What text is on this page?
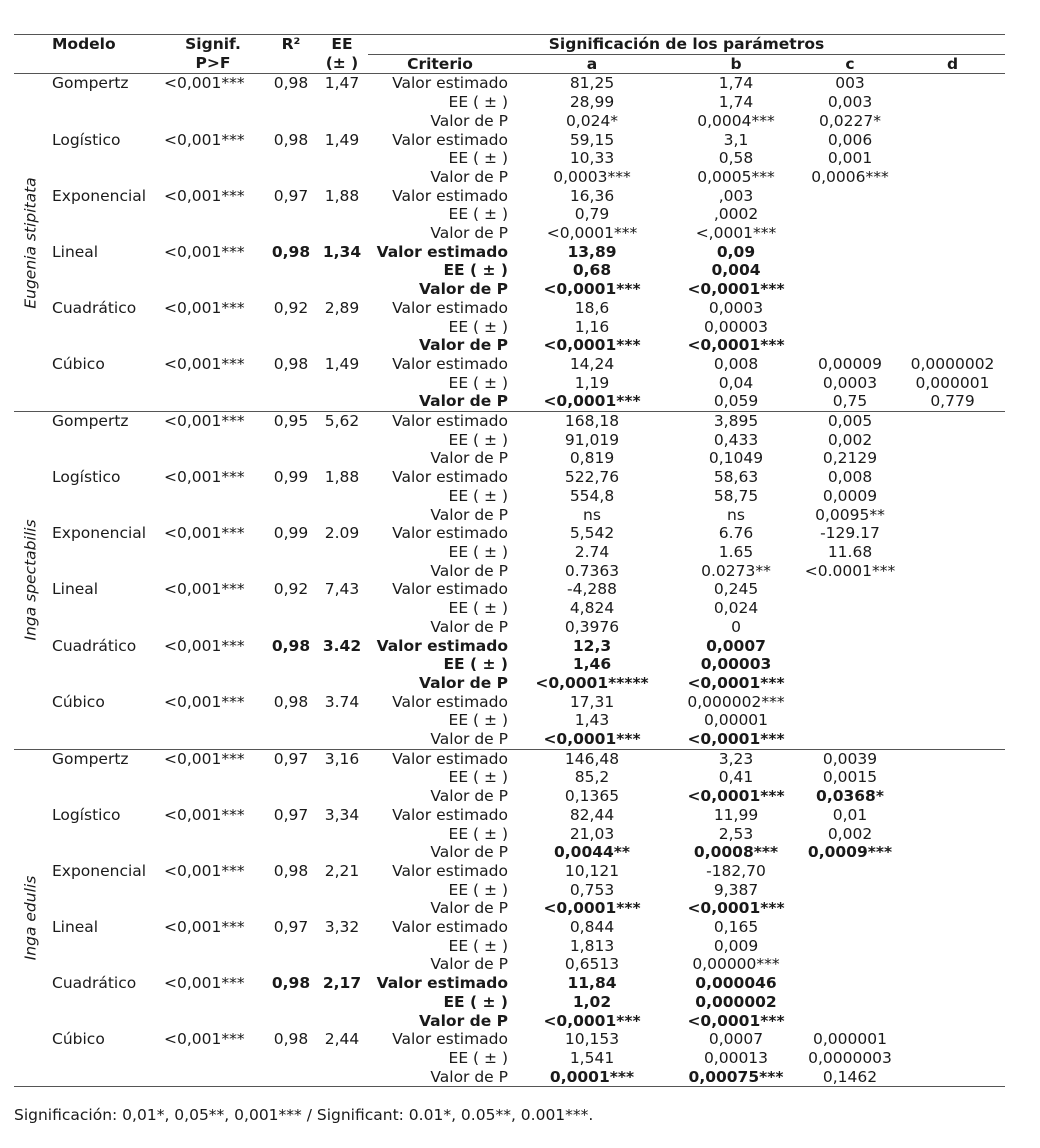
	Modelo	Signif.	R²	EE	Significación de los parámetros				
		P>F		(± )	Criterio	a	b	c	d

Eugenia stipitata	Gompertz	<0,001***	0,98	1,47	Valor estimado	81,25	1,74	003	
					EE ( ± )	28,99	1,74	0,003	
					Valor de P	0,024*	0,0004***	0,0227*	
	Logístico	<0,001***	0,98	1,49	Valor estimado	59,15	3,1	0,006	
					EE ( ± )	10,33	0,58	0,001	
					Valor de P	0,0003***	0,0005***	0,0006***	
	Exponencial	<0,001***	0,97	1,88	Valor estimado	16,36	,003		
					EE ( ± )	0,79	,0002		
					Valor de P	<0,0001***	<,0001***		
	Lineal	<0,001***	0,98	1,34	Valor estimado	13,89	0,09		
					EE ( ± )	0,68	0,004		
					Valor de P	<0,0001***	<0,0001***		
	Cuadrático	<0,001***	0,92	2,89	Valor estimado	18,6	0,0003		
					EE ( ± )	1,16	0,00003		
					Valor de P	<0,0001***	<0,0001***		
	Cúbico	<0,001***	0,98	1,49	Valor estimado	14,24	0,008	0,00009	0,0000002
					EE ( ± )	1,19	0,04	0,0003	0,000001
					Valor de P	<0,0001***	0,059	0,75	0,779

Inga spectabilis	Gompertz	<0,001***	0,95	5,62	Valor estimado	168,18	3,895	0,005	
					EE ( ± )	91,019	0,433	0,002	
					Valor de P	0,819	0,1049	0,2129	
	Logístico	<0,001***	0,99	1,88	Valor estimado	522,76	58,63	0,008	
					EE ( ± )	554,8	58,75	0,0009	
					Valor de P	ns	ns	0,0095**	
	Exponencial	<0,001***	0,99	2.09	Valor estimado	5,542	6.76	-129.17	
					EE ( ± )	2.74	1.65	11.68	
					Valor de P	0.7363	0.0273**	<0.0001***	
	Lineal	<0,001***	0,92	7,43	Valor estimado	-4,288	0,245		
					EE ( ± )	4,824	0,024		
					Valor de P	0,3976	0		
	Cuadrático	<0,001***	0,98	3.42	Valor estimado	12,3	0,0007		
					EE ( ± )	1,46	0,00003		
					Valor de P	<0,0001*****	<0,0001***		
	Cúbico	<0,001***	0,98	3.74	Valor estimado	17,31	0,000002***		
					EE ( ± )	1,43	0,00001		
					Valor de P	<0,0001***	<0,0001***		

Inga edulis	Gompertz	<0,001***	0,97	3,16	Valor estimado	146,48	3,23	0,0039	
					EE ( ± )	85,2	0,41	0,0015	
					Valor de P	0,1365	<0,0001***	0,0368*	
	Logístico	<0,001***	0,97	3,34	Valor estimado	82,44	11,99	0,01	
					EE ( ± )	21,03	2,53	0,002	
					Valor de P	0,0044**	0,0008***	0,0009***	
	Exponencial	<0,001***	0,98	2,21	Valor estimado	10,121	-182,70		
					EE ( ± )	0,753	9,387		
					Valor de P	<0,0001***	<0,0001***		
	Lineal	<0,001***	0,97	3,32	Valor estimado	0,844	0,165		
					EE ( ± )	1,813	0,009		
					Valor de P	0,6513	0,00000***		
	Cuadrático	<0,001***	0,98	2,17	Valor estimado	11,84	0,000046		
					EE ( ± )	1,02	0,000002		
					Valor de P	<0,0001***	<0,0001***		
	Cúbico	<0,001***	0,98	2,44	Valor estimado	10,153	0,0007	0,000001	
					EE ( ± )	1,541	0,00013	0,0000003	
					Valor de P	0,0001***	0,00075***	0,1462	
Significación: 0,01*, 0,05**, 0,001*** / Significant: 0.01*, 0.05**, 0.001***.
